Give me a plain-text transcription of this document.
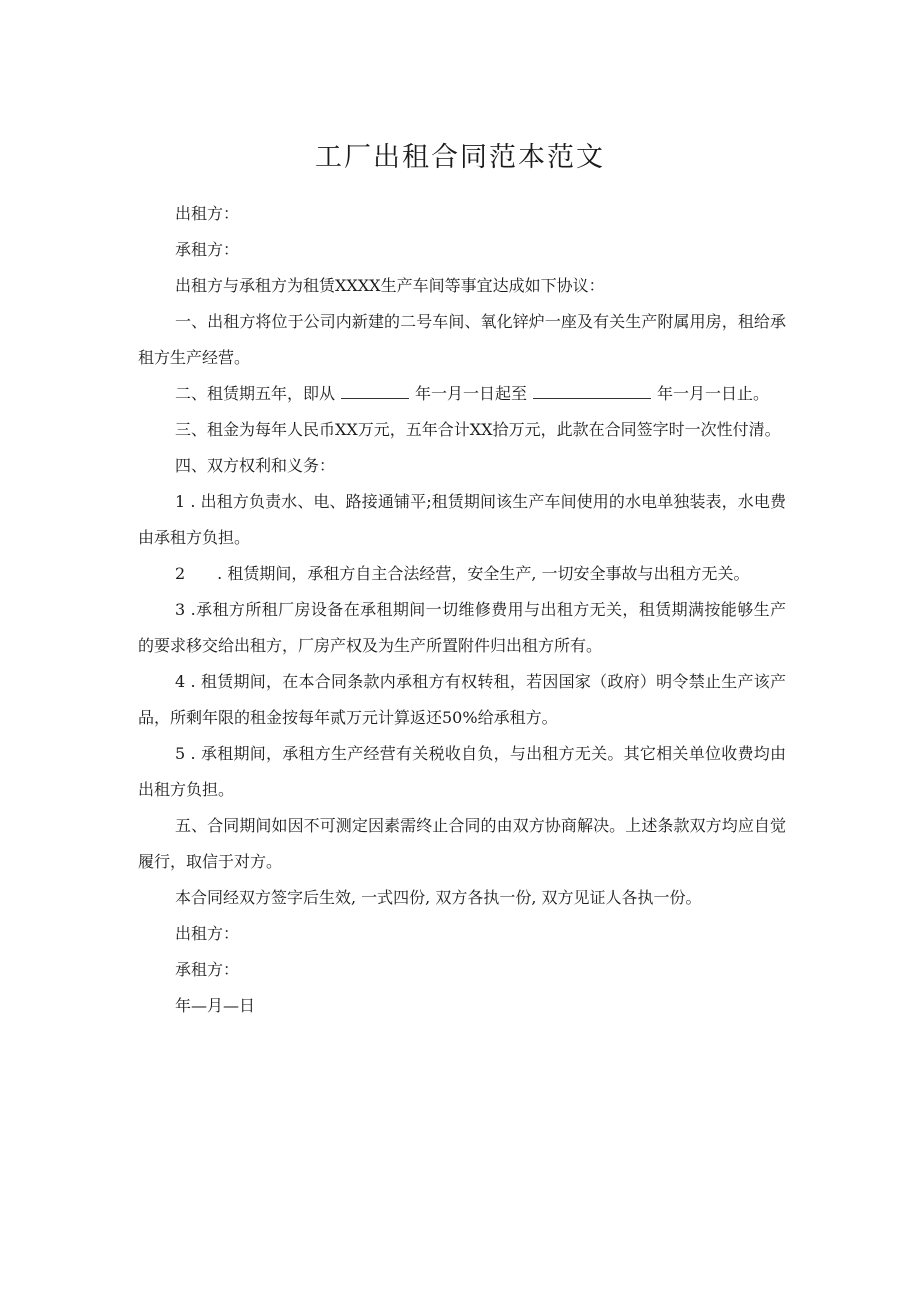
工厂出租合同范本范文

出租方：

承租方：

出租方与承租方为租赁XXXX生产车间等事宜达成如下协议：

一、出租方将位于公司内新建的二号车间、氧化锌炉一座及有关生产附属用房，租给承租方生产经营。

二、租赁期五年，即从	年一月一日起至	年一月一日止。

三、租金为每年人民币XX万元，五年合计XX拾万元，此款在合同签字时一次性付清。

四、双方权利和义务：

1 . 出租方负责水、电、路接通铺平;租赁期间该生产车间使用的水电单独装表，水电费由承租方负担。

2　　. 租赁期间，承租方自主合法经营，安全生产, 一切安全事故与出租方无关。

3 .承租方所租厂房设备在承租期间一切维修费用与出租方无关，租赁期满按能够生产的要求移交给出租方，厂房产权及为生产所置附件归出租方所有。

4 . 租赁期间，在本合同条款内承租方有权转租，若因国家（政府）明令禁止生产该产品，所剩年限的租金按每年贰万元计算返还50%给承租方。

5 . 承租期间，承租方生产经营有关税收自负，与出租方无关。其它相关单位收费均由出租方负担。

五、合同期间如因不可测定因素需终止合同的由双方协商解决。上述条款双方均应自觉履行，取信于对方。

本合同经双方签字后生效, 一式四份, 双方各执一份, 双方见证人各执一份。

出租方：

承租方：

年—月—日
